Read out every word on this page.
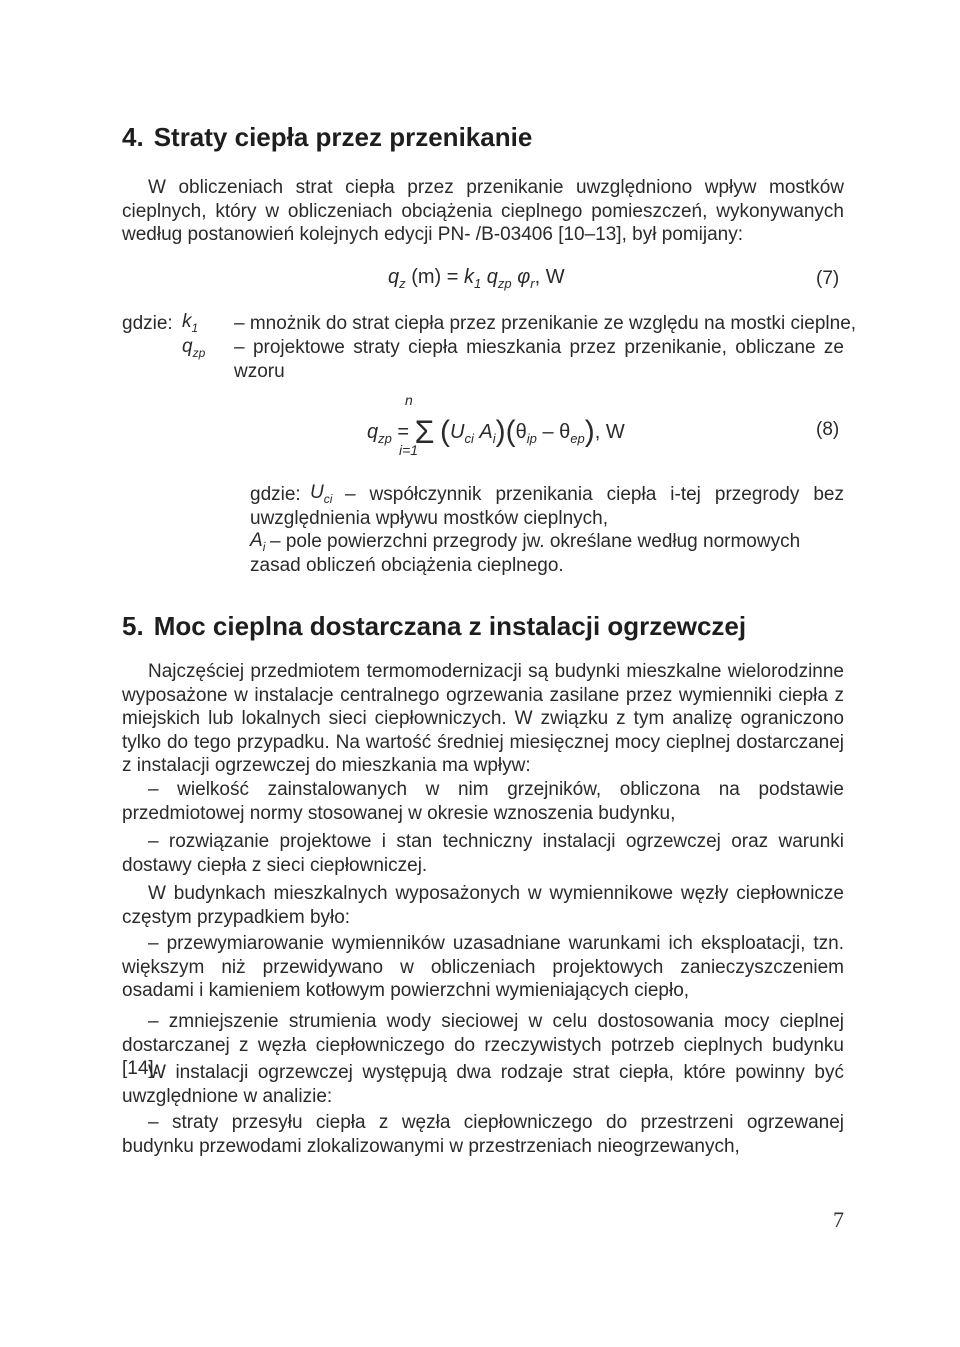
4. Straty ciepła przez przenikanie

W obliczeniach strat ciepła przez przenikanie uwzględniono wpływ mostków cieplnych, który w obliczeniach obciążenia cieplnego pomieszczeń, wykonywanych według postanowień kolejnych edycji PN- /B-03406 [10–13], był pomijany:

$q_z$ $(m) = k_1$ $q_{zp}$ $\varphi_r$, W	(7)
gdzie: $k_1$ – mnożnik do strat ciepła przez przenikanie ze względu na mostki cieplne,
$q_{zp}$ – projektowe straty ciepła mieszkania przez przenikanie, obliczane ze wzoru
n
i=1
$q_{zp} = \Sigma$ ($U_{ci}$ $A_i)(\theta_{ip} - \theta_{ep})$, W	(8)
gdzie: $U_{ci}$ – współczynnik przenikania ciepła i-tej przegrody bez uwzględnienia wpływu mostków cieplnych,
$A_i$ – pole powierzchni przegrody jw. określane według normowych zasad obliczeń obciążenia cieplnego.
5. Moc cieplna dostarczana z instalacji ogrzewczej

Najczęściej przedmiotem termomodernizacji są budynki mieszkalne wielorodzinne wyposażone w instalacje centralnego ogrzewania zasilane przez wymienniki ciepła z miejskich lub lokalnych sieci ciepłowniczych. W związku z tym analizę ograniczono tylko do tego przypadku. Na wartość średniej miesięcznej mocy cieplnej dostarczanej z instalacji ogrzewczej do mieszkania ma wpływ:

– wielkość zainstalowanych w nim grzejników, obliczona na podstawie przedmiotowej normy stosowanej w okresie wznoszenia budynku,

– rozwiązanie projektowe i stan techniczny instalacji ogrzewczej oraz warunki dostawy ciepła z sieci ciepłowniczej.

W budynkach mieszkalnych wyposażonych w wymiennikowe węzły ciepłownicze częstym przypadkiem było:

– przewymiarowanie wymienników uzasadniane warunkami ich eksploatacji, tzn. większym niż przewidywano w obliczeniach projektowych zanieczyszczeniem osadami i kamieniem kotłowym powierzchni wymieniających ciepło,

– zmniejszenie strumienia wody sieciowej w celu dostosowania mocy cieplnej dostarczanej z węzła ciepłowniczego do rzeczywistych potrzeb cieplnych budynku [14].

W instalacji ogrzewczej występują dwa rodzaje strat ciepła, które powinny być uwzględnione w analizie:

– straty przesyłu ciepła z węzła ciepłowniczego do przestrzeni ogrzewanej budynku przewodami zlokalizowanymi w przestrzeniach nieogrzewanych,

7
